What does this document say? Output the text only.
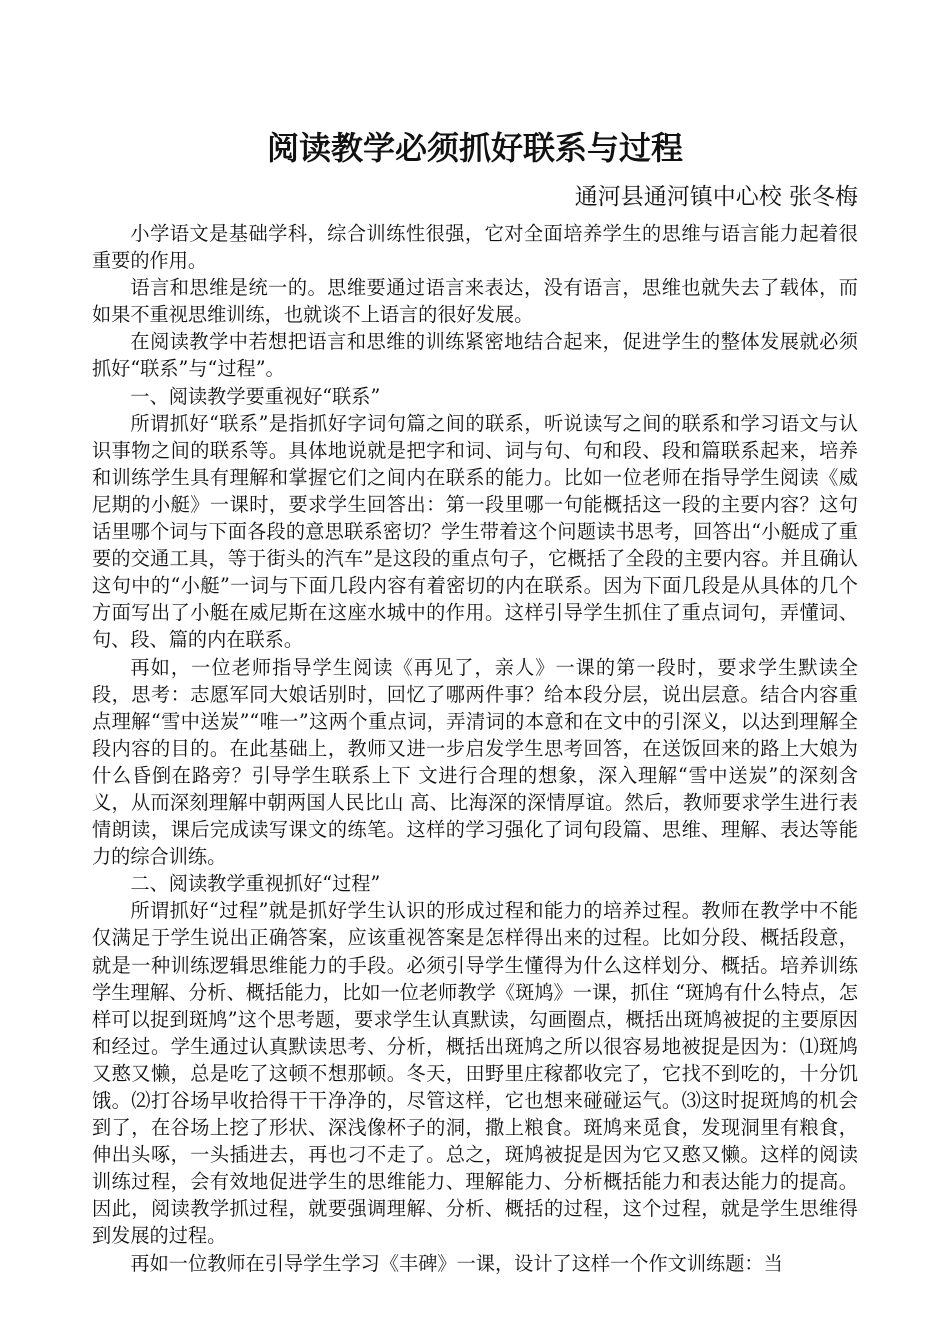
阅读教学必须抓好联系与过程
通河县通河镇中心校 张冬梅

小学语文是基础学科，综合训练性很强，它对全面培养学生的思维与语言能力起着很重要的作用。

语言和思维是统一的。思维要通过语言来表达，没有语言，思维也就失去了载体，而如果不重视思维训练，也就谈不上语言的很好发展。

在阅读教学中若想把语言和思维的训练紧密地结合起来，促进学生的整体发展就必须抓好“联系”与“过程”。

一、阅读教学要重视好“联系”

所谓抓好“联系”是指抓好字词句篇之间的联系，听说读写之间的联系和学习语文与认识事物之间的联系等。具体地说就是把字和词、词与句、句和段、段和篇联系起来，培养和训练学生具有理解和掌握它们之间内在联系的能力。比如一位老师在指导学生阅读《威尼期的小艇》一课时，要求学生回答出：第一段里哪一句能概括这一段的主要内容？这句话里哪个词与下面各段的意思联系密切？学生带着这个问题读书思考，回答出“小艇成了重要的交通工具，等于街头的汽车”是这段的重点句子，它概括了全段的主要内容。并且确认这句中的“小艇”一词与下面几段内容有着密切的内在联系。因为下面几段是从具体的几个方面写出了小艇在威尼斯在这座水城中的作用。这样引导学生抓住了重点词句，弄懂词、句、段、篇的内在联系。

再如，一位老师指导学生阅读《再见了，亲人》一课的第一段时，要求学生默读全段，思考：志愿军同大娘话别时，回忆了哪两件事？给本段分层，说出层意。结合内容重点理解“雪中送炭”“唯一”这两个重点词，弄清词的本意和在文中的引深义，以达到理解全段内容的目的。在此基础上，教师又进一步启发学生思考回答，在送饭回来的路上大娘为什么昏倒在路旁？引导学生联系上下 文进行合理的想象，深入理解“雪中送炭”的深刻含义，从而深刻理解中朝两国人民比山 高、比海深的深情厚谊。然后，教师要求学生进行表情朗读，课后完成读写课文的练笔。这样的学习强化了词句段篇、思维、理解、表达等能力的综合训练。

二、阅读教学重视抓好“过程”

所谓抓好“过程”就是抓好学生认识的形成过程和能力的培养过程。教师在教学中不能仅满足于学生说出正确答案，应该重视答案是怎样得出来的过程。比如分段、概括段意，就是一种训练逻辑思维能力的手段。必须引导学生懂得为什么这样划分、概括。培养训练学生理解、分析、概括能力，比如一位老师教学《斑鸠》一课，抓住 “斑鸠有什么特点，怎样可以捉到斑鸠”这个思考题，要求学生认真默读，勾画圈点，概括出斑鸠被捉的主要原因和经过。学生通过认真默读思考、分析，概括出斑鸠之所以很容易地被捉是因为：⑴斑鸠又憨又懒，总是吃了这顿不想那顿。冬天，田野里庄稼都收完了，它找不到吃的，十分饥饿。⑵打谷场早收拾得干干净净的，尽管这样，它也想来碰碰运气。⑶这时捉斑鸠的机会到了，在谷场上挖了形状、深浅像杯子的洞，撒上粮食。斑鸠来觅食，发现洞里有粮食，伸出头啄，一头插进去，再也刁不走了。总之，斑鸠被捉是因为它又憨又懒。这样的阅读训练过程，会有效地促进学生的思维能力、理解能力、分析概括能力和表达能力的提高。因此，阅读教学抓过程，就要强调理解、分析、概括的过程，这个过程，就是学生思维得到发展的过程。

再如一位教师在引导学生学习《丰碑》一课，设计了这样一个作文训练题：当
